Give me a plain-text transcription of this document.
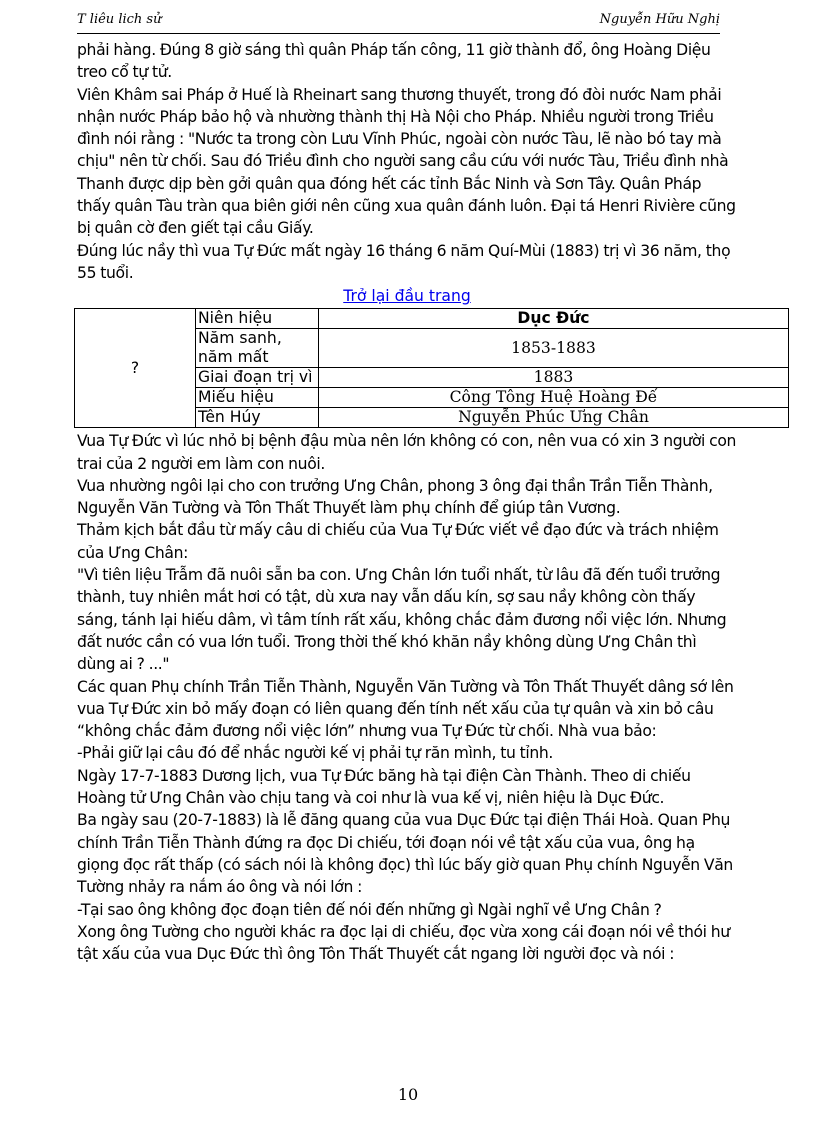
T liêu lich sử	Nguyễn Hữu Nghị

phải hàng. Đúng 8 giờ sáng thì quân Pháp tấn công, 11 giờ thành đổ, ông Hoàng Diệu treo cổ tự tử.

Viên Khâm sai Pháp ở Huế là Rheinart sang thương thuyết, trong đó đòi nước Nam phải nhận nước Pháp bảo hộ và nhường thành thị Hà Nội cho Pháp. Nhiều người trong Triều đình nói rằng : "Nước ta trong còn Lưu Vĩnh Phúc, ngoài còn nước Tàu, lẽ nào bó tay mà chịu" nên từ chối. Sau đó Triều đình cho người sang cầu cứu với nước Tàu, Triều đình nhà Thanh được dịp bèn gởi quân qua đóng hết các tỉnh Bắc Ninh và Sơn Tây. Quân Pháp thấy quân Tàu tràn qua biên giới nên cũng xua quân đánh luôn. Đại tá Henri Rivière cũng bị quân cờ đen giết tại cầu Giấy.

Đúng lúc nầy thì vua Tự Đức mất ngày 16 tháng 6 năm Quí-Mùi (1883) trị vì 36 năm, thọ 55 tuổi.

Trở lại đầu trang
?	Niên hiệu	Dục Đức
	Năm sanh, năm mất	1853-1883
	Giai đoạn trị vì	1883
	Miếu hiệu	Công Tông Huệ Hoàng Đế
	Tên Húy	Nguyễn Phúc Ưng Chân

Vua Tự Đức vì lúc nhỏ bị bệnh đậu mùa nên lớn không có con, nên vua có xin 3 người con trai của 2 người em làm con nuôi.

Vua nhường ngôi lại cho con trưởng Ưng Chân, phong 3 ông đại thần Trần Tiễn Thành, Nguyễn Văn Tường và Tôn Thất Thuyết làm phụ chính để giúp tân Vương.

Thảm kịch bắt đầu từ mấy câu di chiếu của Vua Tự Đức viết về đạo đức và trách nhiệm của Ưng Chân:

"Vì tiên liệu Trẫm đã nuôi sẵn ba con. Ưng Chân lớn tuổi nhất, từ lâu đã đến tuổi trưởng thành, tuy nhiên mắt hơi có tật, dù xưa nay vẫn dấu kín, sợ sau nầy không còn thấy sáng, tánh lại hiếu dâm, vì tâm tính rất xấu, không chắc đảm đương nổi việc lớn. Nhưng đất nước cần có vua lớn tuổi. Trong thời thế khó khăn nầy không dùng Ưng Chân thì dùng ai ? ..."

Các quan Phụ chính Trần Tiễn Thành, Nguyễn Văn Tường và Tôn Thất Thuyết dâng sớ lên vua Tự Đức xin bỏ mấy đoạn có liên quang đến tính nết xấu của tự quân và xin bỏ câu “không chắc đảm đương nổi việc lớn” nhưng vua Tự Đức từ chối. Nhà vua bảo:

-Phải giữ lại câu đó để nhắc người kế vị phải tự răn mình, tu tỉnh.

Ngày 17-7-1883 Dương lịch, vua Tự Đức băng hà tại điện Càn Thành. Theo di chiếu Hoàng tử Ưng Chân vào chịu tang và coi như là vua kế vị, niên hiệu là Dục Đức.

Ba ngày sau (20-7-1883) là lễ đăng quang của vua Dục Đức tại điện Thái Hoà. Quan Phụ chính Trần Tiễn Thành đứng ra đọc Di chiếu, tới đoạn nói về tật xấu của vua, ông hạ giọng đọc rất thấp (có sách nói là không đọc) thì lúc bấy giờ quan Phụ chính Nguyễn Văn Tường nhảy ra nắm áo ông và nói lớn :

-Tại sao ông không đọc đoạn tiên đế nói đến những gì Ngài nghĩ về Ưng Chân ?

Xong ông Tường cho người khác ra đọc lại di chiếu, đọc vừa xong cái đoạn nói về thói hư tật xấu của vua Dục Đức thì ông Tôn Thất Thuyết cắt ngang lời người đọc và nói :

10
